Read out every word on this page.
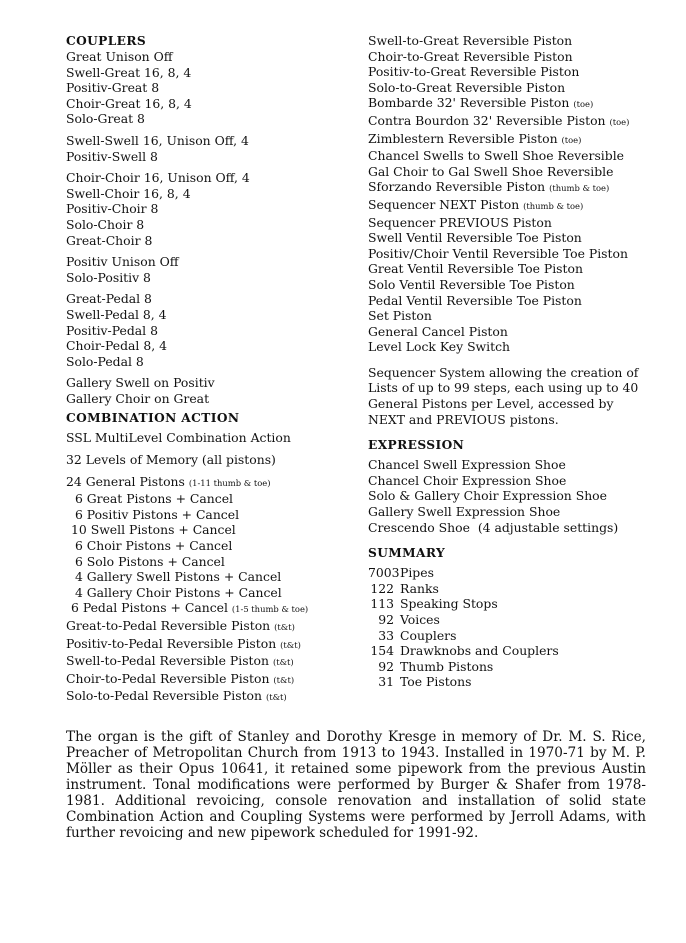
COUPLERS
Great Unison Off
Swell-Great 16, 8, 4
Positiv-Great 8
Choir-Great 16, 8, 4
Solo-Great 8
Swell-Swell 16, Unison Off, 4
Positiv-Swell 8
Choir-Choir 16, Unison Off, 4
Swell-Choir 16, 8, 4
Positiv-Choir 8
Solo-Choir 8
Great-Choir 8
Positiv Unison Off
Solo-Positiv 8
Great-Pedal 8
Swell-Pedal 8, 4
Positiv-Pedal 8
Choir-Pedal 8, 4
Solo-Pedal 8
Gallery Swell on Positiv
Gallery Choir on Great
COMBINATION ACTION
SSL MultiLevel Combination Action
32 Levels of Memory (all pistons)
24 General Pistons (1-11 thumb & toe)
6 Great Pistons + Cancel
6 Positiv Pistons + Cancel
10 Swell Pistons + Cancel
6 Choir Pistons + Cancel
6 Solo Pistons + Cancel
4 Gallery Swell Pistons + Cancel
4 Gallery Choir Pistons + Cancel
6 Pedal Pistons + Cancel (1-5 thumb & toe)
Great-to-Pedal Reversible Piston (t&t)
Positiv-to-Pedal Reversible Piston (t&t)
Swell-to-Pedal Reversible Piston (t&t)
Choir-to-Pedal Reversible Piston (t&t)
Solo-to-Pedal Reversible Piston (t&t)
Swell-to-Great Reversible Piston
Choir-to-Great Reversible Piston
Positiv-to-Great Reversible Piston
Solo-to-Great Reversible Piston
Bombarde 32' Reversible Piston (toe)
Contra Bourdon 32' Reversible Piston (toe)
Zimblestern Reversible Piston (toe)
Chancel Swells to Swell Shoe Reversible
Gal Choir to Gal Swell Shoe Reversible
Sforzando Reversible Piston (thumb & toe)
Sequencer NEXT Piston (thumb & toe)
Sequencer PREVIOUS Piston
Swell Ventil Reversible Toe Piston
Positiv/Choir Ventil Reversible Toe Piston
Great Ventil Reversible Toe Piston
Solo Ventil Reversible Toe Piston
Pedal Ventil Reversible Toe Piston
Set Piston
General Cancel Piston
Level Lock Key Switch
Sequencer System allowing the creation of Lists of up to 99 steps, each using up to 40 General Pistons per Level, accessed by NEXT and PREVIOUS pistons.
EXPRESSION
Chancel Swell Expression Shoe
Chancel Choir Expression Shoe
Solo & Gallery Choir Expression Shoe
Gallery Swell Expression Shoe
Crescendo Shoe  (4 adjustable settings)
SUMMARY
7003Pipes
122 Ranks
113 Speaking Stops
92 Voices
33 Couplers
154 Drawknobs and Couplers
92 Thumb Pistons
31 Toe Pistons
The organ is the gift of Stanley and Dorothy Kresge in memory of Dr. M. S. Rice, Preacher of Metropolitan Church from 1913 to 1943. Installed in 1970-71 by M. P. Möller as their Opus 10641, it retained some pipework from the previous Austin instrument. Tonal modifications were performed by Burger & Shafer from 1978-1981. Additional revoicing, console renovation and installation of solid state Combination Action and Coupling Systems were performed by Jerroll Adams, with further revoicing and new pipework scheduled for 1991-92.
